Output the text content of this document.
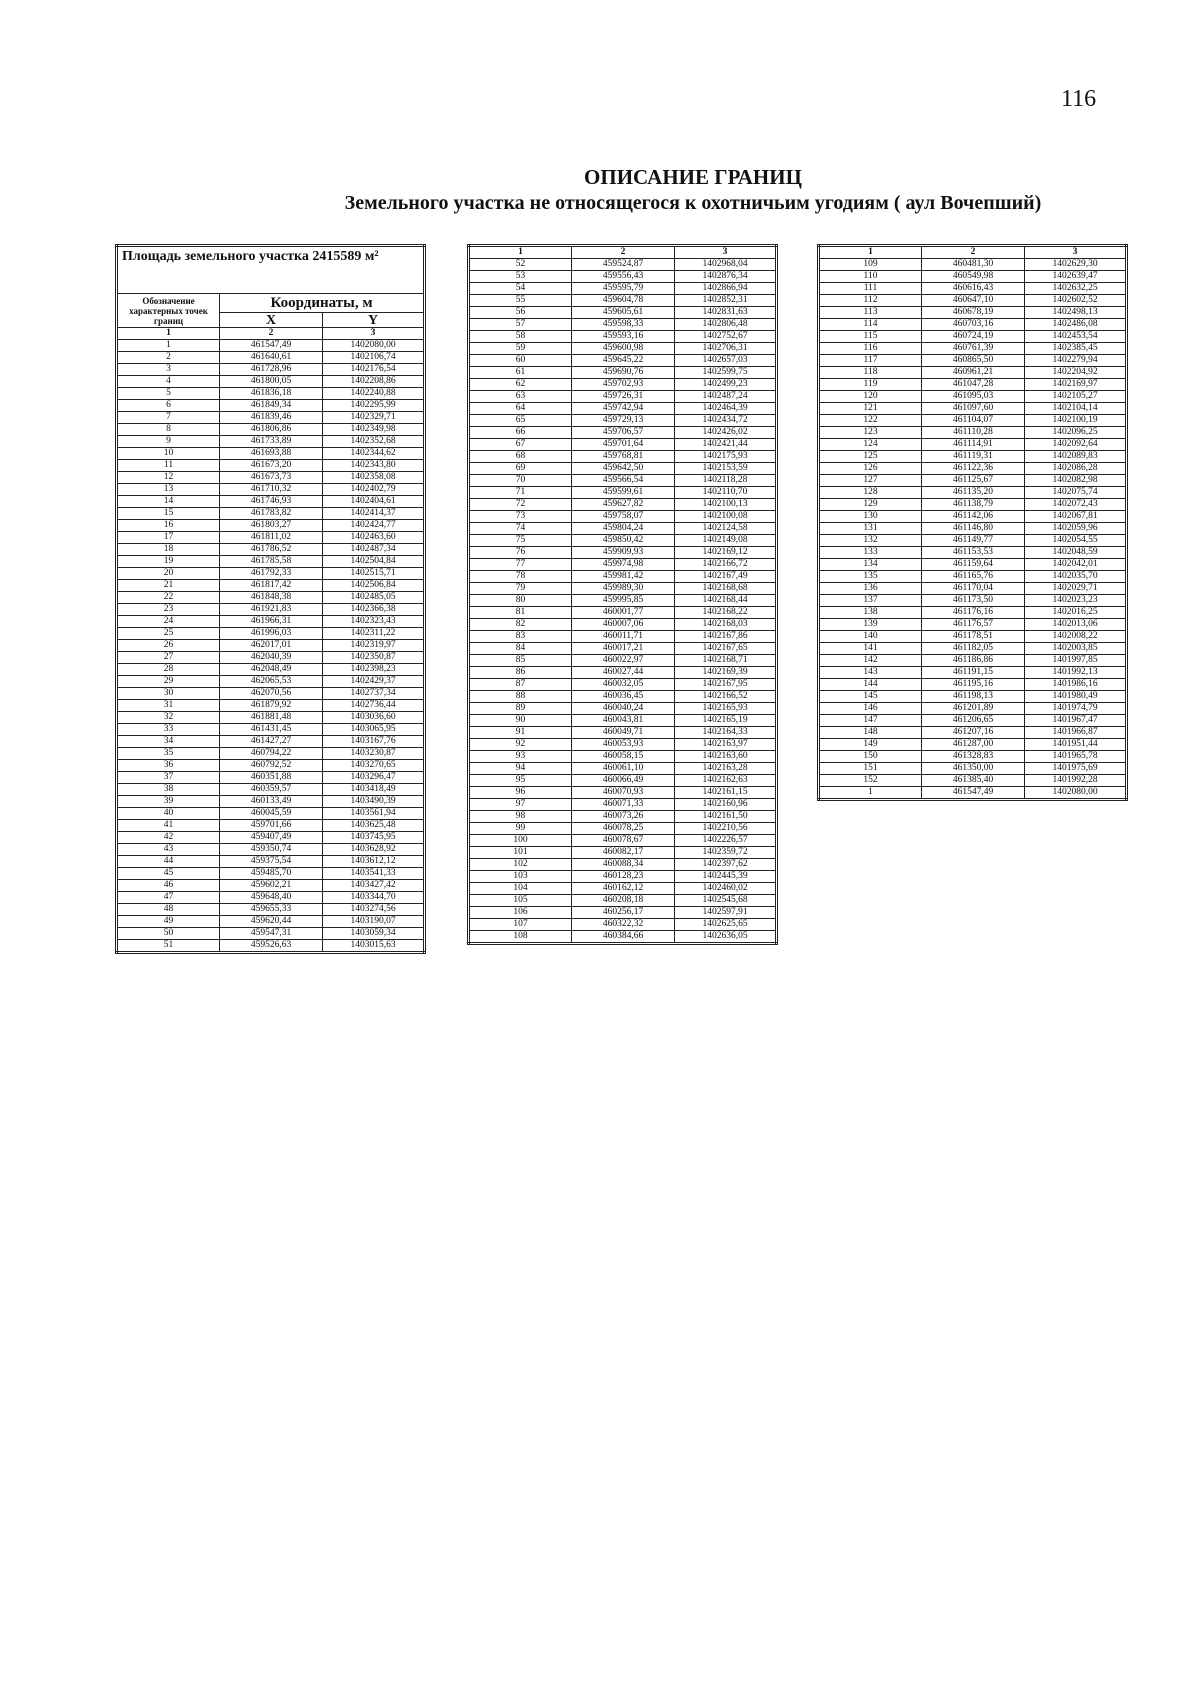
116
ОПИСАНИЕ ГРАНИЦ
Земельного участка не относящегося к охотничьим угодиям ( аул Вочепший)
Площадь земельного участка 2415589 м²		
Обозначение характерных точек границ	Координаты, м	
	X	Y
1	2	3
1	461547,49	1402080,00
2	461640,61	1402106,74
3	461728,96	1402176,54
4	461800,05	1402208,86
5	461836,18	1402240,88
6	461849,34	1402295,99
7	461839,46	1402329,71
8	461806,86	1402349,98
9	461733,89	1402352,68
10	461693,88	1402344,62
11	461673,20	1402343,80
12	461673,73	1402358,08
13	461710,32	1402402,79
14	461746,93	1402404,61
15	461783,82	1402414,37
16	461803,27	1402424,77
17	461811,02	1402463,60
18	461786,52	1402487,34
19	461785,58	1402504,84
20	461792,33	1402515,71
21	461817,42	1402506,84
22	461848,38	1402485,05
23	461921,83	1402366,38
24	461966,31	1402323,43
25	461996,03	1402311,22
26	462017,01	1402319,97
27	462040,39	1402350,87
28	462048,49	1402398,23
29	462065,53	1402429,37
30	462070,56	1402737,34
31	461879,92	1402736,44
32	461881,48	1403036,60
33	461431,45	1403065,95
34	461427,27	1403167,76
35	460794,22	1403230,87
36	460792,52	1403270,65
37	460351,88	1403296,47
38	460359,57	1403418,49
39	460133,49	1403490,39
40	460045,59	1403561,94
41	459701,66	1403625,48
42	459407,49	1403745,95
43	459350,74	1403628,92
44	459375,54	1403612,12
45	459485,70	1403541,33
46	459602,21	1403427,42
47	459648,40	1403344,70
48	459655,33	1403274,56
49	459620,44	1403190,07
50	459547,31	1403059,34
51	459526,63	1403015,63
1	2	3
52	459524,87	1402968,04
53	459556,43	1402876,34
54	459595,79	1402866,94
55	459604,78	1402852,31
56	459605,61	1402831,63
57	459598,33	1402806,48
58	459593,16	1402752,67
59	459600,98	1402706,31
60	459645,22	1402657,03
61	459690,76	1402599,75
62	459702,93	1402499,23
63	459726,31	1402487,24
64	459742,94	1402464,39
65	459729,13	1402434,72
66	459706,57	1402426,02
67	459701,64	1402421,44
68	459768,81	1402175,93
69	459642,50	1402153,59
70	459566,54	1402118,28
71	459599,61	1402110,70
72	459627,82	1402100,13
73	459758,07	1402100,08
74	459804,24	1402124,58
75	459850,42	1402149,08
76	459909,93	1402169,12
77	459974,98	1402166,72
78	459981,42	1402167,49
79	459989,30	1402168,68
80	459995,85	1402168,44
81	460001,77	1402168,22
82	460007,06	1402168,03
83	460011,71	1402167,86
84	460017,21	1402167,65
85	460022,97	1402168,71
86	460027,44	1402169,39
87	460032,05	1402167,95
88	460036,45	1402166,52
89	460040,24	1402165,93
90	460043,81	1402165,19
91	460049,71	1402164,33
92	460053,93	1402163,97
93	460058,15	1402163,60
94	460061,10	1402163,28
95	460066,49	1402162,63
96	460070,93	1402161,15
97	460071,33	1402160,96
98	460073,26	1402161,50
99	460078,25	1402210,56
100	460078,67	1402226,57
101	460082,17	1402359,72
102	460088,34	1402397,62
103	460128,23	1402445,39
104	460162,12	1402460,02
105	460208,18	1402545,68
106	460256,17	1402597,91
107	460322,32	1402625,65
108	460384,66	1402636,05
1	2	3
109	460481,30	1402629,30
110	460549,98	1402639,47
111	460616,43	1402632,25
112	460647,10	1402602,52
113	460678,19	1402498,13
114	460703,16	1402486,08
115	460724,19	1402453,54
116	460761,39	1402385,45
117	460865,50	1402279,94
118	460961,21	1402204,92
119	461047,28	1402169,97
120	461095,03	1402105,27
121	461097,60	1402104,14
122	461104,07	1402100,19
123	461110,28	1402096,25
124	461114,91	1402092,64
125	461119,31	1402089,83
126	461122,36	1402086,28
127	461125,67	1402082,98
128	461135,20	1402075,74
129	461138,79	1402072,43
130	461142,06	1402067,81
131	461146,80	1402059,96
132	461149,77	1402054,55
133	461153,53	1402048,59
134	461159,64	1402042,01
135	461165,76	1402035,70
136	461170,04	1402029,71
137	461173,50	1402023,23
138	461176,16	1402016,25
139	461176,57	1402013,06
140	461178,51	1402008,22
141	461182,05	1402003,85
142	461186,86	1401997,85
143	461191,15	1401992,13
144	461195,16	1401986,16
145	461198,13	1401980,49
146	461201,89	1401974,79
147	461206,65	1401967,47
148	461207,16	1401966,87
149	461287,00	1401951,44
150	461328,83	1401965,78
151	461350,00	1401975,69
152	461385,40	1401992,28
1	461547,49	1402080,00
